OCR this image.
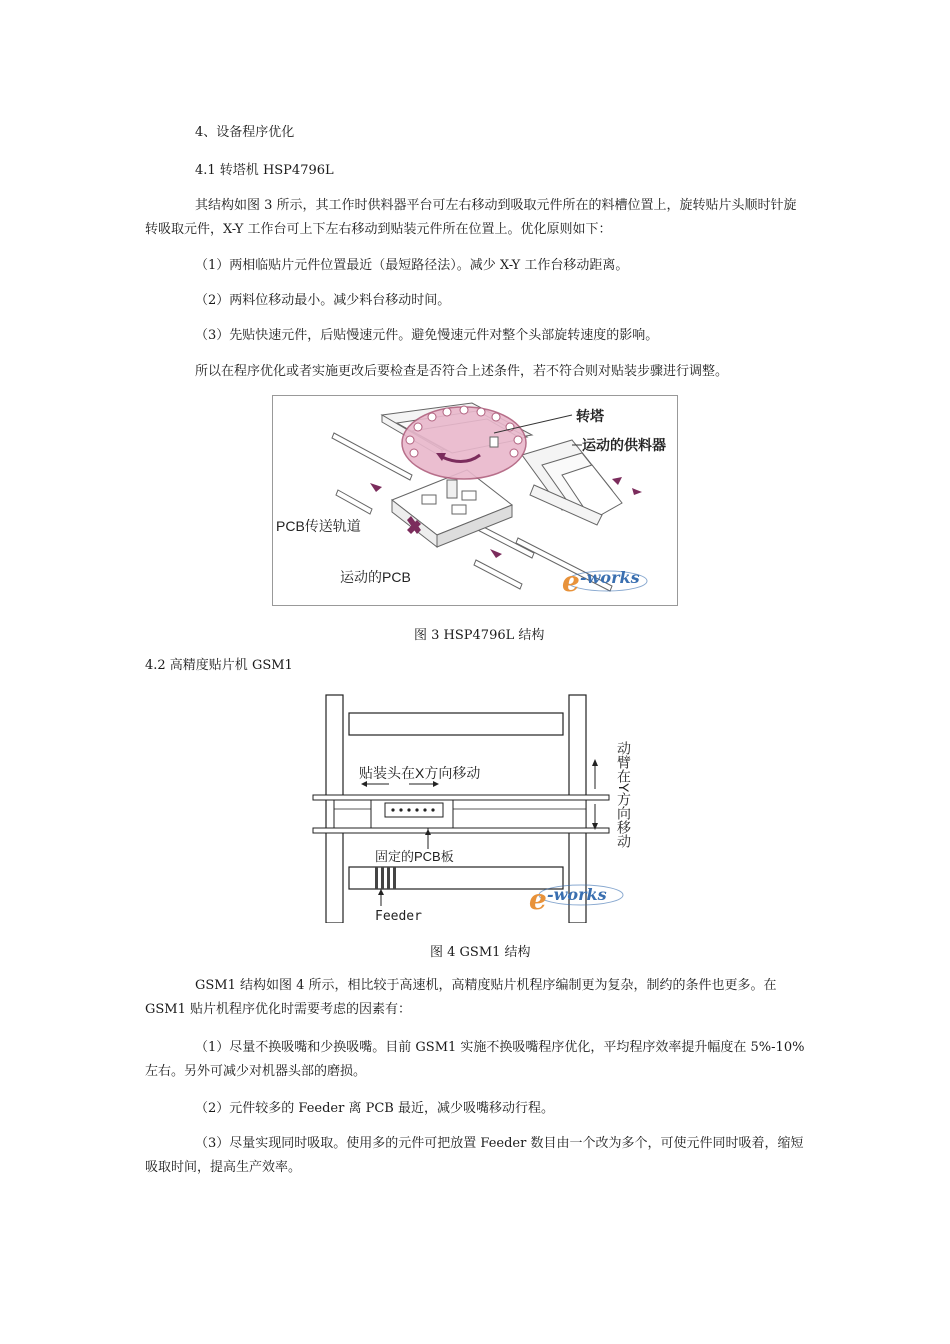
4、设备程序优化
4.1 转塔机 HSP4796L
其结构如图 3 所示，其工作时供料器平台可左右移动到吸取元件所在的料槽位置上，旋转贴片头顺时针旋转吸取元件，X-Y 工作台可上下左右移动到贴装元件所在位置上。优化原则如下：
（1）两相临贴片元件位置最近（最短路径法）。减少 X-Y 工作台移动距离。
（2）两料位移动最小。减少料台移动时间。
（3）先贴快速元件，后贴慢速元件。避免慢速元件对整个头部旋转速度的影响。
所以在程序优化或者实施更改后要检查是否符合上述条件，若不符合则对贴装步骤进行调整。
转塔
运动的供料器
PCB传送轨道
运动的PCB	e -works
图 3 HSP4796L 结构
4.2 高精度贴片机 GSM1
贴装头在X方向移动
固定的PCB板
Feeder
动臂在Y方向移动
e -works
图 4 GSM1 结构
GSM1 结构如图 4 所示，相比较于高速机，高精度贴片机程序编制更为复杂，制约的条件也更多。在 GSM1 贴片机程序优化时需要考虑的因素有：
（1）尽量不换吸嘴和少换吸嘴。目前 GSM1 实施不换吸嘴程序优化，平均程序效率提升幅度在 5%-10% 左右。另外可减少对机器头部的磨损。
（2）元件较多的 Feeder 离 PCB 最近，减少吸嘴移动行程。
（3）尽量实现同时吸取。使用多的元件可把放置 Feeder 数目由一个改为多个，可使元件同时吸着，缩短吸取时间，提高生产效率。
